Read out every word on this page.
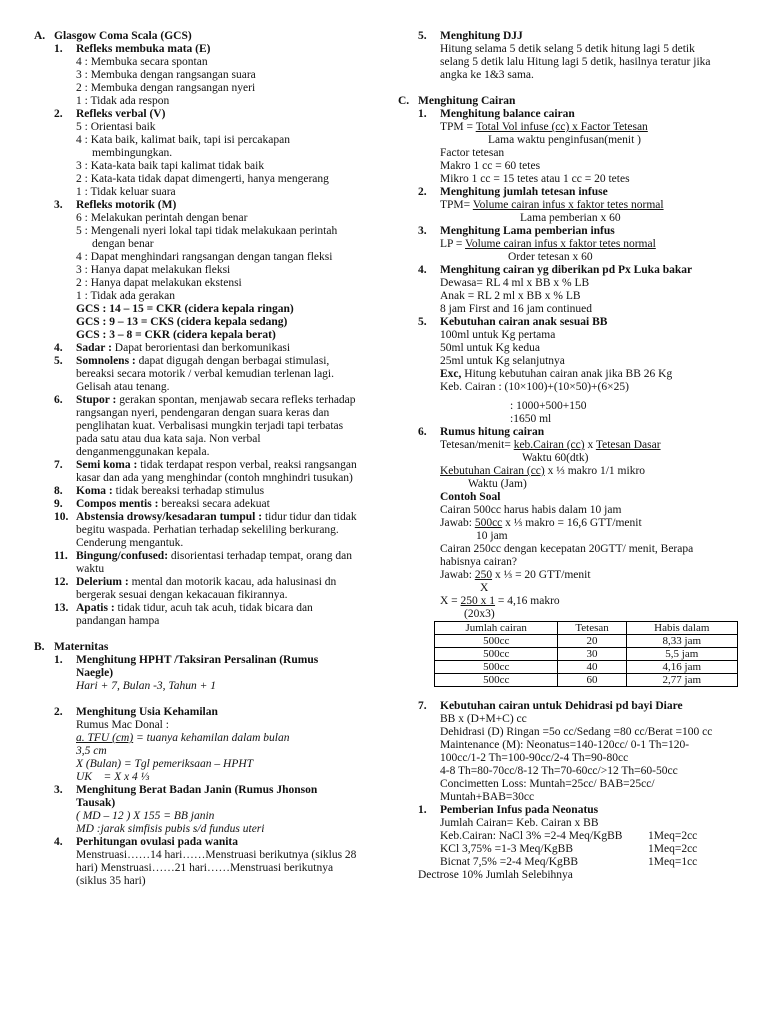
A. Glasgow Coma Scala (GCS)
1.	Refleks membuka mata (E)
4 : Membuka secara spontan
3 : Membuka dengan rangsangan suara
2 : Membuka dengan rangsangan nyeri
1 : Tidak ada respon
2.	Refleks verbal (V)
5 : Orientasi baik
4 : Kata baik, kalimat baik, tapi isi percakapan
membingungkan.
3 : Kata-kata baik tapi kalimat tidak baik
2 : Kata-kata tidak dapat dimengerti, hanya mengerang
1 : Tidak keluar suara
3.	Refleks motorik (M)
6 : Melakukan perintah dengan benar
5 : Mengenali nyeri lokal tapi tidak melakukaan perintah
dengan benar
4 : Dapat menghindari rangsangan dengan tangan fleksi
3 : Hanya dapat melakukan fleksi
2 : Hanya dapat melakukan ekstensi
1 : Tidak ada gerakan
GCS : 14 – 15 = CKR (cidera kepala ringan)
GCS : 9 – 13 = CKS (cidera kepala sedang)
GCS : 3 – 8 = CKR (cidera kepala berat)
4.	Sadar : Dapat berorientasi dan berkomunikasi
5.	Somnolens : dapat digugah dengan berbagai stimulasi,
bereaksi secara motorik / verbal kemudian terlenan lagi.
Gelisah atau tenang.
6.	Stupor : gerakan spontan, menjawab secara refleks terhadap
rangsangan nyeri, pendengaran dengan suara keras dan
penglihatan kuat. Verbalisasi mungkin terjadi tapi terbatas
pada satu atau dua kata saja. Non verbal
denganmenggunakan kepala.
7.	Semi koma : tidak terdapat respon verbal, reaksi rangsangan
kasar dan ada yang menghindar (contoh mnghindri tusukan)
8.	Koma : tidak bereaksi terhadap stimulus
9.	Compos mentis : bereaksi secara adekuat
10. Abstensia drowsy/kesadaran tumpul : tidur tidur dan tidak
begitu waspada. Perhatian terhadap sekeliling berkurang.
Cenderung mengantuk.
11. Bingung/confused: disorientasi terhadap tempat, orang dan
waktu
12. Delerium : mental dan motorik kacau, ada halusinasi dn
bergerak sesuai dengan kekacauan fikirannya.
13. Apatis : tidak tidur, acuh tak acuh, tidak bicara dan
pandangan hampa
B. Maternitas
1.	Menghitung HPHT /Taksiran Persalinan (Rumus
Naegle)
Hari + 7, Bulan -3, Tahun + 1
2.	Menghitung Usia Kehamilan
Rumus Mac Donal :
a. TFU (cm) = tuanya kehamilan dalam bulan
3,5 cm
X (Bulan) = Tgl pemeriksaan – HPHT
UK = X x 4 ⅓
3.	Menghitung Berat Badan Janin (Rumus Jhonson
Tausak)
( MD – 12 ) X 155 = BB janin
MD :jarak simfisis pubis s/d fundus uteri
4.	Perhitungan ovulasi pada wanita
Menstruasi……14 hari……Menstruasi berikutnya (siklus 28
hari) Menstruasi……21 hari……Menstruasi berikutnya
(siklus 35 hari)
5.	Menghitung DJJ
Hitung selama 5 detik selang 5 detik hitung lagi 5 detik
selang 5 detik lalu Hitung lagi 5 detik, hasilnya teratur jika
angka ke 1&3 sama.
C. Menghitung Cairan
1.	Menghitung balance cairan
TPM = Total Vol infuse (cc) x Factor Tetesan
Lama waktu penginfusan(menit )
Factor tetesan
Makro 1 cc = 60 tetes
Mikro 1 cc = 15 tetes atau 1 cc = 20 tetes
2.	Menghitung jumlah tetesan infuse
TPM= Volume cairan infus x faktor tetes normal
Lama pemberian x 60
3.	Menghitung Lama pemberian infus
LP = Volume cairan infus x faktor tetes normal
Order tetesan x 60
4.	Menghitung cairan yg diberikan pd Px Luka bakar
Dewasa= RL 4 ml x BB x % LB
Anak = RL 2 ml x BB x % LB
8 jam First and 16 jam continued
5.	Kebutuhan cairan anak sesuai BB
100ml untuk Kg pertama
50ml untuk Kg kedua
25ml untuk Kg selanjutnya
Exc, Hitung kebutuhan cairan anak jika BB 26 Kg
Keb. Cairan : (10×100)+(10×50)+(6×25)
: 1000+500+150
:1650 ml
6.	Rumus hitung cairan
Tetesan/menit= keb.Cairan (cc) x Tetesan Dasar
Waktu 60(dtk)
Kebutuhan Cairan (cc) x ⅓ makro 1/1 mikro
Waktu (Jam)
Contoh Soal
Cairan 500cc harus habis dalam 10 jam
Jawab: 500cc x ⅓ makro = 16,6 GTT/menit
10 jam
Cairan 250cc dengan kecepatan 20GTT/ menit, Berapa
habisnya cairan?
Jawab: 250 x ⅓ = 20 GTT/menit
X
X = 250 x 1 = 4,16 makro
(20x3)
Jumlah cairan	Tetesan	Habis dalam
500cc	20	8,33 jam
500cc	30	5,5 jam
500cc	40	4,16 jam
500cc	60	2,77 jam
7.	Kebutuhan cairan untuk Dehidrasi pd bayi Diare
BB x (D+M+C) cc
Dehidrasi (D) Ringan =5o cc/Sedang =80 cc/Berat =100 cc
Maintenance (M): Neonatus=140-120cc/ 0-1 Th=120-
100cc/1-2 Th=100-90cc/2-4 Th=90-80cc
4-8 Th=80-70cc/8-12 Th=70-60cc/>12 Th=60-50cc
Concimetten Loss: Muntah=25cc/ BAB=25cc/
Muntah+BAB=30cc
1.	Pemberian Infus pada Neonatus
Jumlah Cairan= Keb. Cairan x BB
Keb.Cairan: NaCl 3% =2-4 Meq/KgBB	1Meq=2cc
KCl 3,75% =1-3 Meq/KgBB	1Meq=2cc
Bicnat 7,5% =2-4 Meq/KgBB	1Meq=1cc
Dectrose 10% Jumlah Selebihnya
